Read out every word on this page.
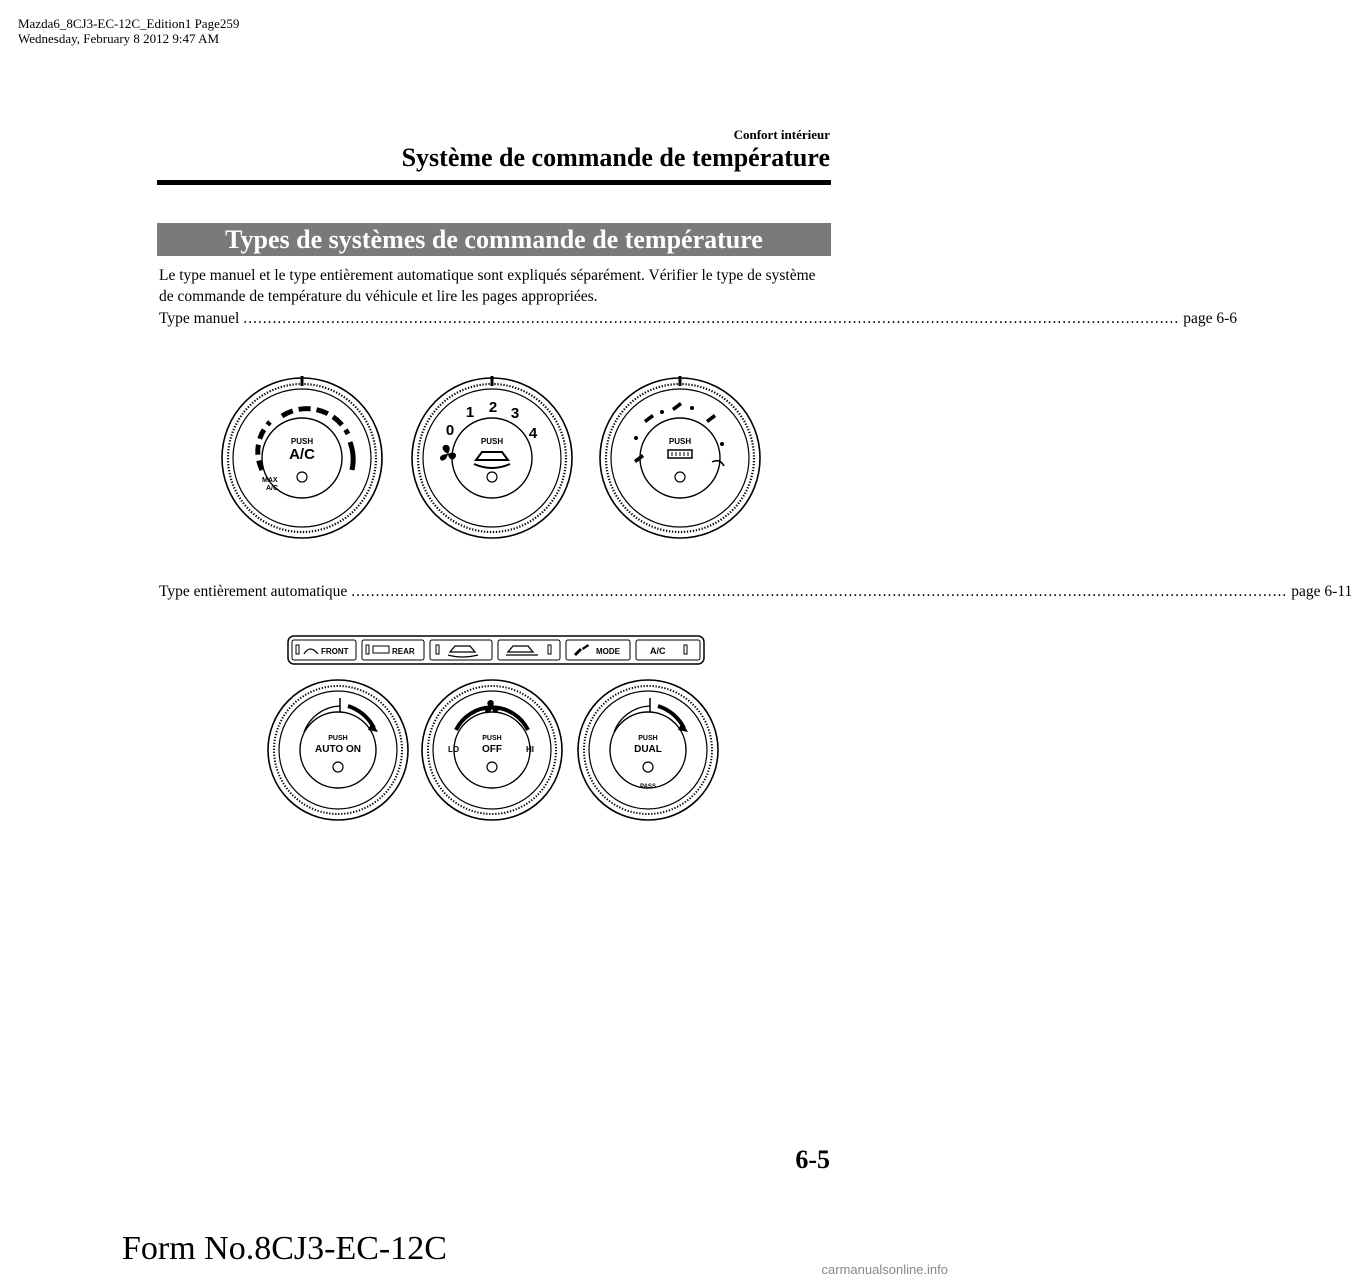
Mazda6_8CJ3-EC-12C_Edition1 Page259
Wednesday, February 8 2012 9:47 AM
Confort intérieur
Système de commande de température
Types de systèmes de commande de température
Le type manuel et le type entièrement automatique sont expliqués séparément. Vérifier le type de système de commande de température du véhicule et lire les pages appropriées.
Type manuel ................................................................................................................................................................................................ page 6-6
PUSH
A/C
MAX
A/C
0
1 2 3
4
PUSH	PUSH
Type entièrement automatique ................................................................................................................................................................................................ page 6-11
FRONT	REAR	MODE	A/C
PUSH
AUTO ON	LO	HI
PUSH
OFF
PUSH
DUAL
PASS
6-5
Form No.8CJ3-EC-12C
carmanualsonline.info
